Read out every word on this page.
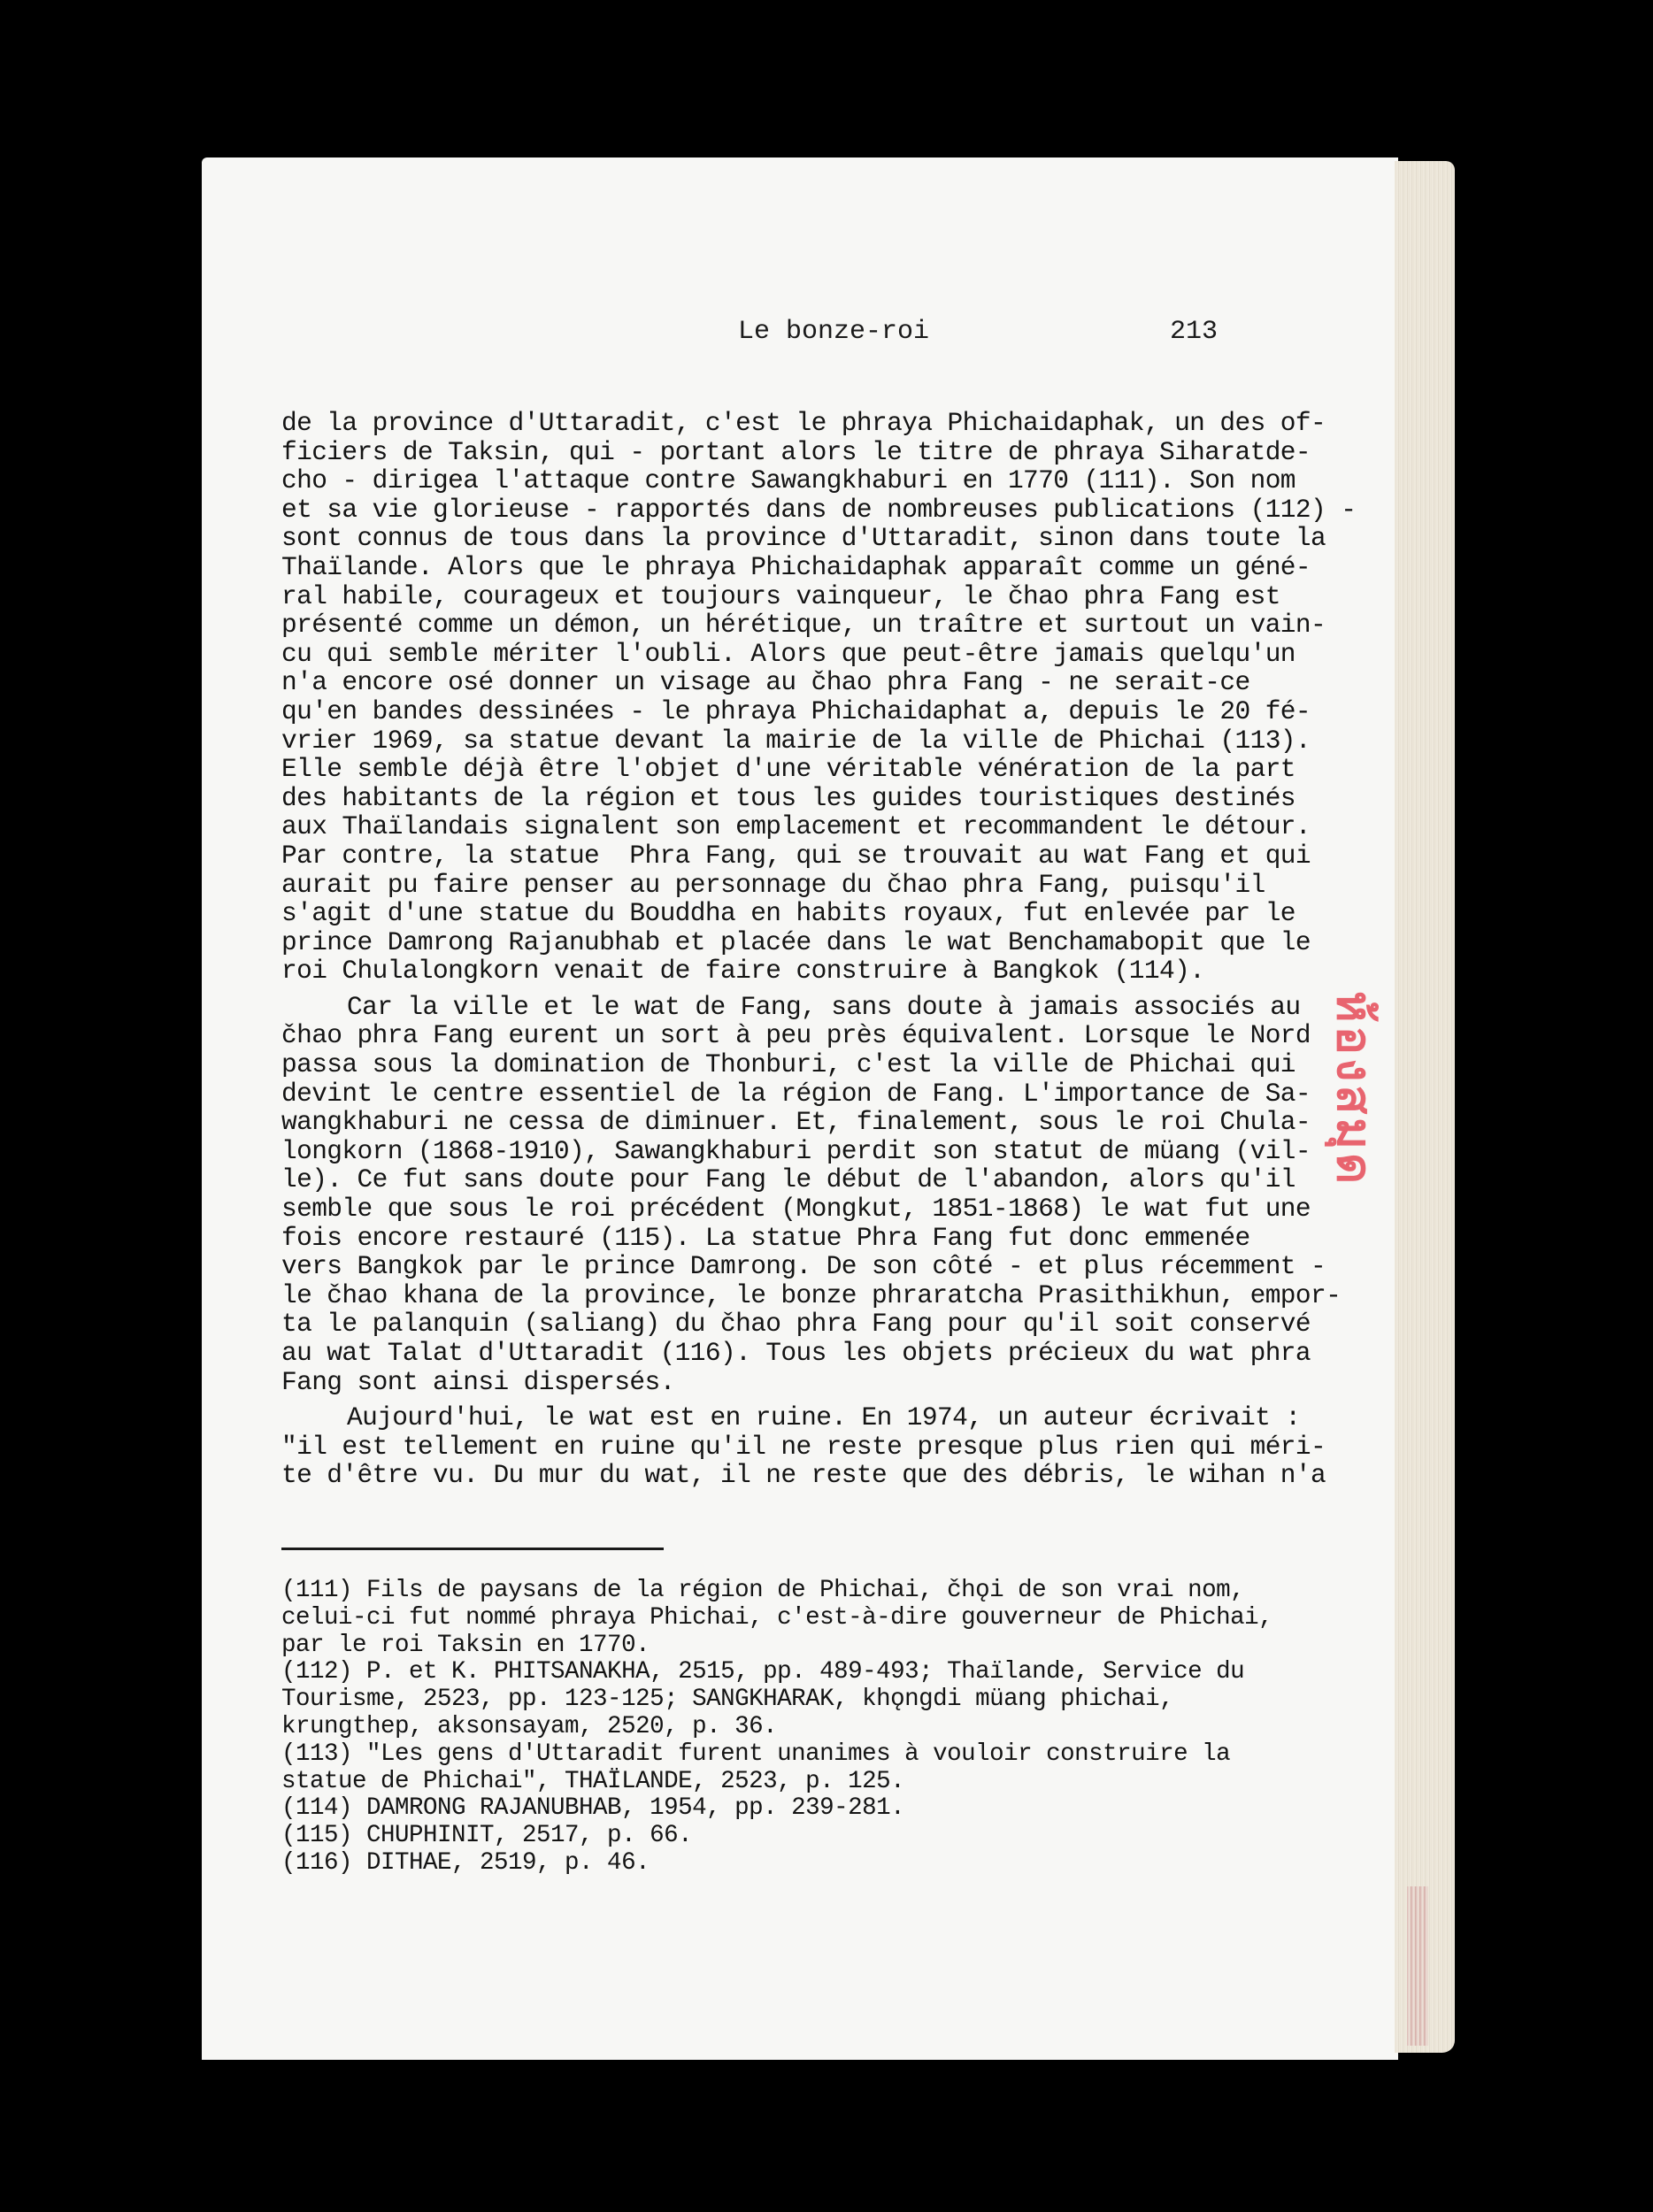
Le bonze-roi	213

de la province d'Uttaradit, c'est le phraya Phichaidaphak, un des of-
ficiers de Taksin, qui - portant alors le titre de phraya Siharatde-
cho - dirigea l'attaque contre Sawangkhaburi en 1770 (111). Son nom
et sa vie glorieuse - rapportés dans de nombreuses publications (112) -
sont connus de tous dans la province d'Uttaradit, sinon dans toute la
Thaïlande. Alors que le phraya Phichaidaphak apparaît comme un géné-
ral habile, courageux et toujours vainqueur, le čhao phra Fang est
présenté comme un démon, un hérétique, un traître et surtout un vain-
cu qui semble mériter l'oubli. Alors que peut-être jamais quelqu'un
n'a encore osé donner un visage au čhao phra Fang - ne serait-ce
qu'en bandes dessinées - le phraya Phichaidaphat a, depuis le 20 fé-
vrier 1969, sa statue devant la mairie de la ville de Phichai (113).
Elle semble déjà être l'objet d'une véritable vénération de la part
des habitants de la région et tous les guides touristiques destinés
aux Thaïlandais signalent son emplacement et recommandent le détour.
Par contre, la statue  Phra Fang, qui se trouvait au wat Fang et qui
aurait pu faire penser au personnage du čhao phra Fang, puisqu'il
s'agit d'une statue du Bouddha en habits royaux, fut enlevée par le
prince Damrong Rajanubhab et placée dans le wat Benchamabopit que le
roi Chulalongkorn venait de faire construire à Bangkok (114).

Car la ville et le wat de Fang, sans doute à jamais associés au
čhao phra Fang eurent un sort à peu près équivalent. Lorsque le Nord
passa sous la domination de Thonburi, c'est la ville de Phichai qui
devint le centre essentiel de la région de Fang. L'importance de Sa-
wangkhaburi ne cessa de diminuer. Et, finalement, sous le roi Chula-
longkorn (1868-1910), Sawangkhaburi perdit son statut de müang (vil-
le). Ce fut sans doute pour Fang le début de l'abandon, alors qu'il
semble que sous le roi précédent (Mongkut, 1851-1868) le wat fut une
fois encore restauré (115). La statue Phra Fang fut donc emmenée
vers Bangkok par le prince Damrong. De son côté - et plus récemment -
le čhao khana de la province, le bonze phraratcha Prasithikhun, empor-
ta le palanquin (saliang) du čhao phra Fang pour qu'il soit conservé
au wat Talat d'Uttaradit (116). Tous les objets précieux du wat phra
Fang sont ainsi dispersés.

Aujourd'hui, le wat est en ruine. En 1974, un auteur écrivait :
"il est tellement en ruine qu'il ne reste presque plus rien qui méri-
te d'être vu. Du mur du wat, il ne reste que des débris, le wihan n'a

(111) Fils de paysans de la région de Phichai, čhǫi de son vrai nom,
celui-ci fut nommé phraya Phichai, c'est-à-dire gouverneur de Phichai,
par le roi Taksin en 1770.
(112) P. et K. PHITSANAKHA, 2515, pp. 489-493; Thaïlande, Service du
Tourisme, 2523, pp. 123-125; SANGKHARAK, khǫngdi müang phichai,
krungthep, aksonsayam, 2520, p. 36.
(113) "Les gens d'Uttaradit furent unanimes à vouloir construire la
statue de Phichai", THAÏLANDE, 2523, p. 125.
(114) DAMRONG RAJANUBHAB, 1954, pp. 239-281.
(115) CHUPHINIT, 2517, p. 66.
(116) DITHAE, 2519, p. 46.
ห้องสมุด
